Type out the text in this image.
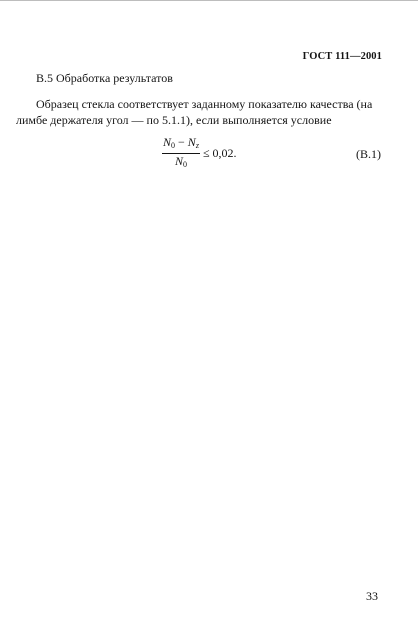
ГОСТ 111—2001
В.5 Обработка результатов
Образец стекла соответствует заданному показателю качества (на
лимбе держателя угол — по 5.1.1), если выполняется условие
$\frac{N_0 - Nz}{N_0} \le 0,02$.	(В.1)
33
